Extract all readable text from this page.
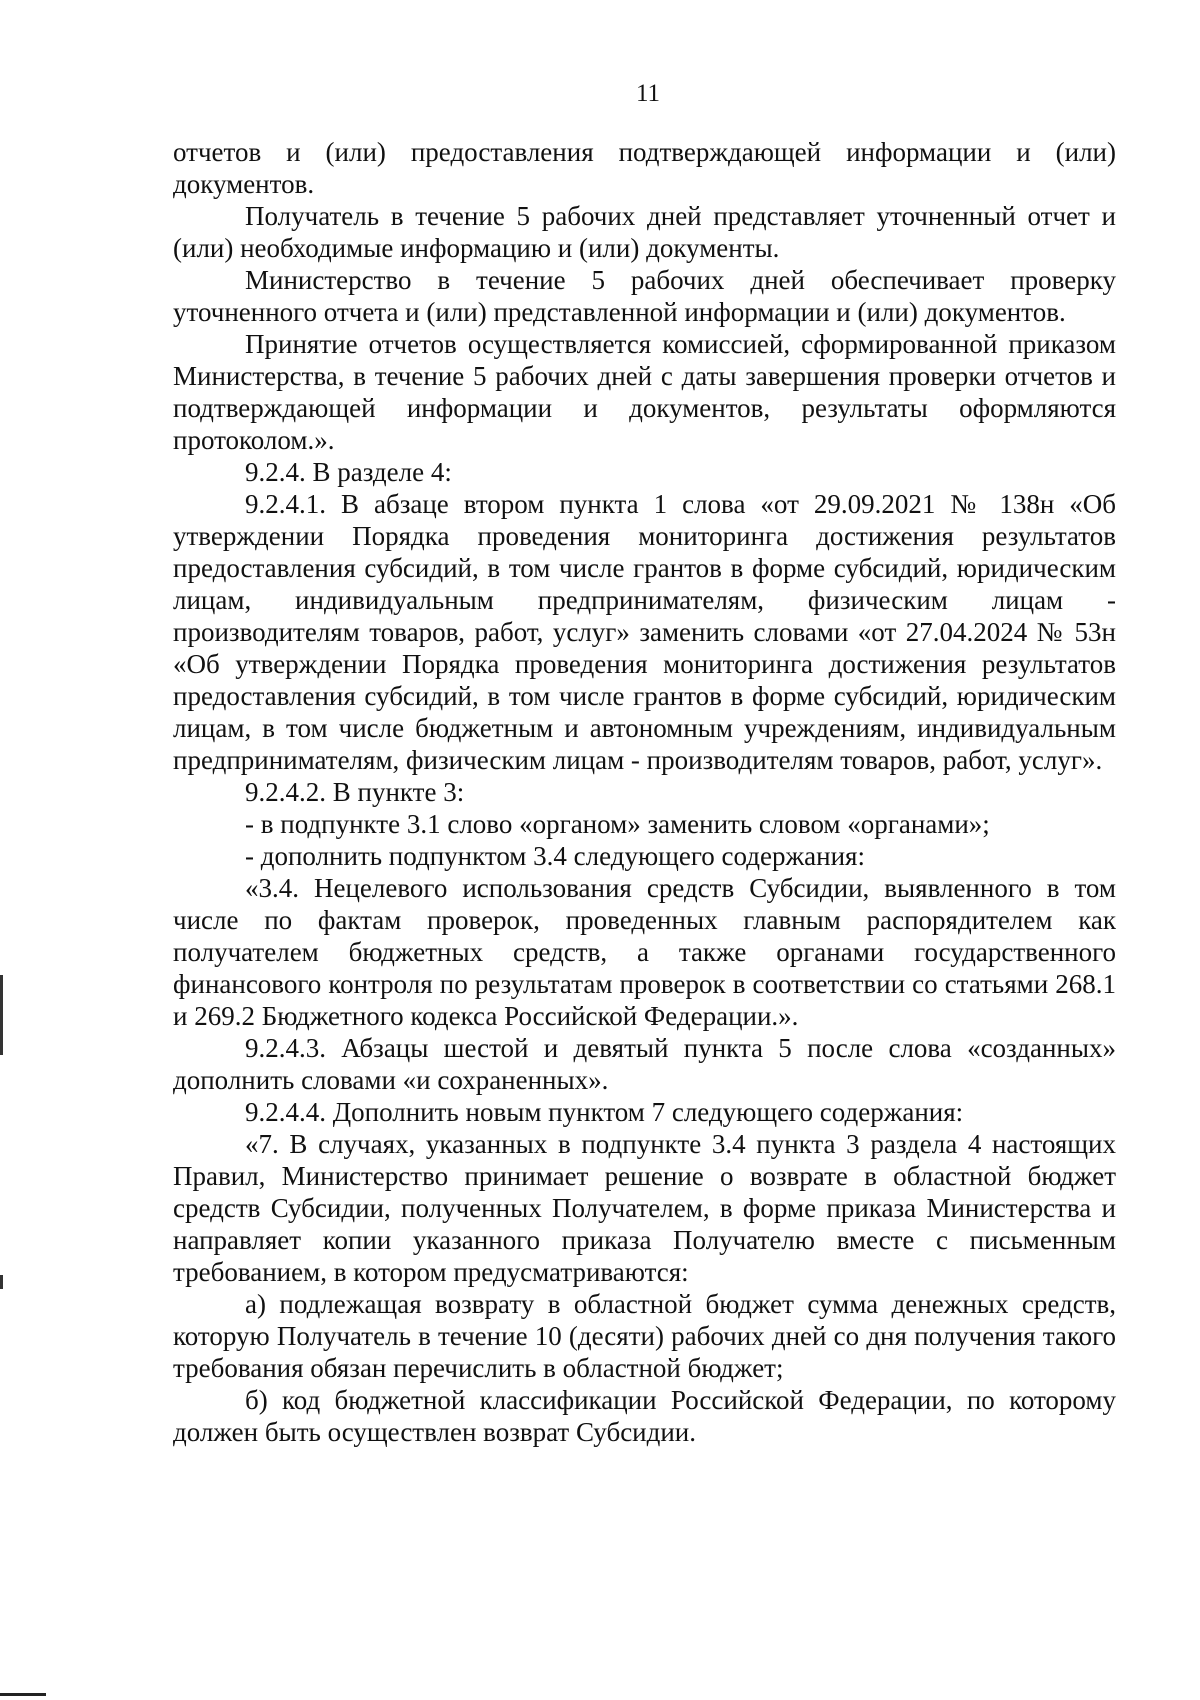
11

отчетов и (или) предоставления подтверждающей информации и (или) документов.

Получатель в течение 5 рабочих дней представляет уточненный отчет и (или) необходимые информацию и (или) документы.

Министерство в течение 5 рабочих дней обеспечивает проверку уточненного отчета и (или) представленной информации и (или) документов.

Принятие отчетов осуществляется комиссией, сформированной приказом Министерства, в течение 5 рабочих дней с даты завершения проверки отчетов и подтверждающей информации и документов, результаты оформляются протоколом.».

9.2.4. В разделе 4:

9.2.4.1. В абзаце втором пункта 1 слова «от 29.09.2021 № 138н «Об утверждении Порядка проведения мониторинга достижения результатов предоставления субсидий, в том числе грантов в форме субсидий, юридическим лицам, индивидуальным предпринимателям, физическим лицам - производителям товаров, работ, услуг» заменить словами «от 27.04.2024 № 53н «Об утверждении Порядка проведения мониторинга достижения результатов предоставления субсидий, в том числе грантов в форме субсидий, юридическим лицам, в том числе бюджетным и автономным учреждениям, индивидуальным предпринимателям, физическим лицам - производителям товаров, работ, услуг».

9.2.4.2. В пункте 3:

- в подпункте 3.1 слово «органом» заменить словом «органами»;

- дополнить подпунктом 3.4 следующего содержания:

«3.4. Нецелевого использования средств Субсидии, выявленного в том числе по фактам проверок, проведенных главным распорядителем как получателем бюджетных средств, а также органами государственного финансового контроля по результатам проверок в соответствии со статьями 268.1 и 269.2 Бюджетного кодекса Российской Федерации.».

9.2.4.3. Абзацы шестой и девятый пункта 5 после слова «созданных» дополнить словами «и сохраненных».

9.2.4.4. Дополнить новым пунктом 7 следующего содержания:

«7. В случаях, указанных в подпункте 3.4 пункта 3 раздела 4 настоящих Правил, Министерство принимает решение о возврате в областной бюджет средств Субсидии, полученных Получателем, в форме приказа Министерства и направляет копии указанного приказа Получателю вместе с письменным требованием, в котором предусматриваются:

а) подлежащая возврату в областной бюджет сумма денежных средств, которую Получатель в течение 10 (десяти) рабочих дней со дня получения такого требования обязан перечислить в областной бюджет;

б) код бюджетной классификации Российской Федерации, по которому должен быть осуществлен возврат Субсидии.
